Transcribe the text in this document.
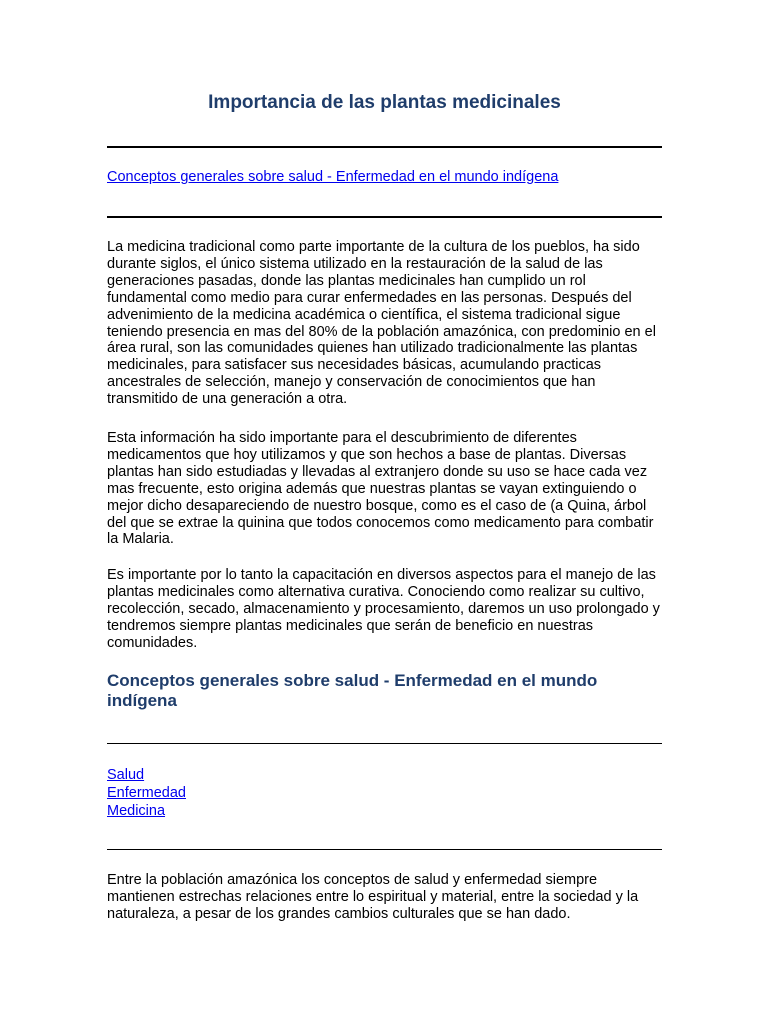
Importancia de las plantas medicinales
Conceptos generales sobre salud - Enfermedad en el mundo indígena

La medicina tradicional como parte importante de la cultura de los pueblos, ha sido durante siglos, el único sistema utilizado en la restauración de la salud de las generaciones pasadas, donde las plantas medicinales han cumplido un rol fundamental como medio para curar enfermedades en las personas. Después del advenimiento de la medicina académica o científica, el sistema tradicional sigue teniendo presencia en mas del 80% de la población amazónica, con predominio en el área rural, son las comunidades quienes han utilizado tradicionalmente las plantas medicinales, para satisfacer sus necesidades básicas, acumulando practicas ancestrales de selección, manejo y conservación de conocimientos que han transmitido de una generación a otra.

Esta información ha sido importante para el descubrimiento de diferentes medicamentos que hoy utilizamos y que son hechos a base de plantas. Diversas plantas han sido estudiadas y llevadas al extranjero donde su uso se hace cada vez mas frecuente, esto origina además que nuestras plantas se vayan extinguiendo o mejor dicho desapareciendo de nuestro bosque, como es el caso de (a Quina, árbol del que se extrae la quinina que todos conocemos como medicamento para combatir la Malaria.

Es importante por lo tanto la capacitación en diversos aspectos para el manejo de las plantas medicinales como alternativa curativa. Conociendo como realizar su cultivo, recolección, secado, almacenamiento y procesamiento, daremos un uso prolongado y tendremos siempre plantas medicinales que serán de beneficio en nuestras comunidades.

Conceptos generales sobre salud - Enfermedad en el mundo indígena
Salud
Enfermedad
Medicina

Entre la población amazónica los conceptos de salud y enfermedad siempre mantienen estrechas relaciones entre lo espiritual y material, entre la sociedad y la naturaleza, a pesar de los grandes cambios culturales que se han dado.
